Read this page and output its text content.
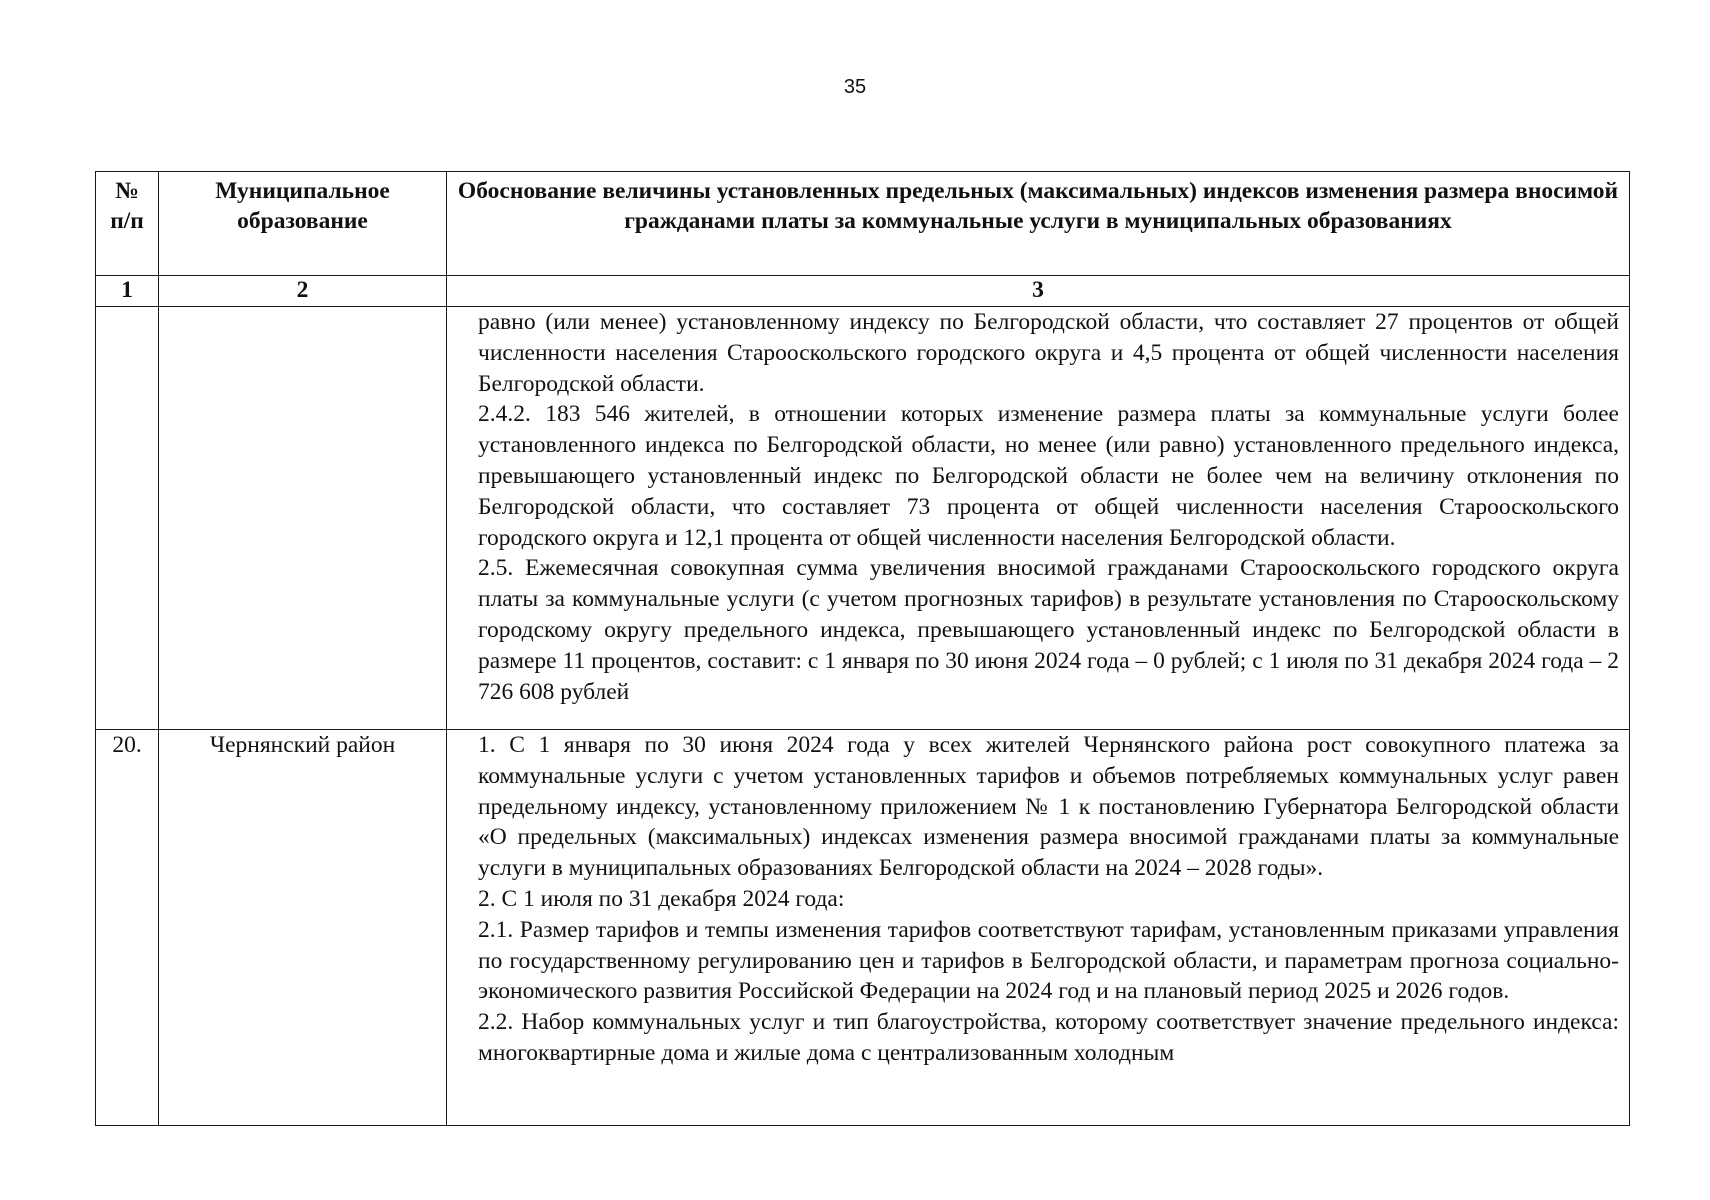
35
№ п/п	Муниципальное образование	Обоснование величины установленных предельных (максимальных) индексов изменения размера вносимой гражданами платы за коммунальные услуги в муниципальных образованиях
1	2	3

		равно (или менее) установленному индексу по Белгородской области, что составляет 27 процентов от общей численности населения Старооскольского городского округа и 4,5 процента от общей численности населения Белгородской области.

2.4.2. 183 546 жителей, в отношении которых изменение размера платы за коммунальные услуги более установленного индекса по Белгородской области, но менее (или равно) установленного предельного индекса, превышающего установленный индекс по Белгородской области не более чем на величину отклонения по Белгородской области, что составляет 73 процента от общей численности населения Старооскольского городского округа и 12,1 процента от общей численности населения Белгородской области.

2.5. Ежемесячная совокупная сумма увеличения вносимой гражданами Старооскольского городского округа платы за коммунальные услуги (с учетом прогнозных тарифов) в результате установления по Старооскольскому городскому округу предельного индекса, превышающего установленный индекс по Белгородской области в размере 11 процентов, составит: с 1 января по 30 июня 2024 года – 0 рублей; с 1 июля по 31 декабря 2024 года – 2 726 608 рублей

20.	Чернянский район	1. С 1 января по 30 июня 2024 года у всех жителей Чернянского района рост совокупного платежа за коммунальные услуги с учетом установленных тарифов и объемов потребляемых коммунальных услуг равен предельному индексу, установленному приложением № 1 к постановлению Губернатора Белгородской области «О предельных (максимальных) индексах изменения размера вносимой гражданами платы за коммунальные услуги в муниципальных образованиях Белгородской области на 2024 – 2028 годы».

2. С 1 июля по 31 декабря 2024 года:

2.1. Размер тарифов и темпы изменения тарифов соответствуют тарифам, установленным приказами управления по государственному регулированию цен и тарифов в Белгородской области, и параметрам прогноза социально-экономического развития Российской Федерации на 2024 год и на плановый период 2025 и 2026 годов.

2.2. Набор коммунальных услуг и тип благоустройства, которому соответствует значение предельного индекса: многоквартирные дома и жилые дома с централизованным холодным
